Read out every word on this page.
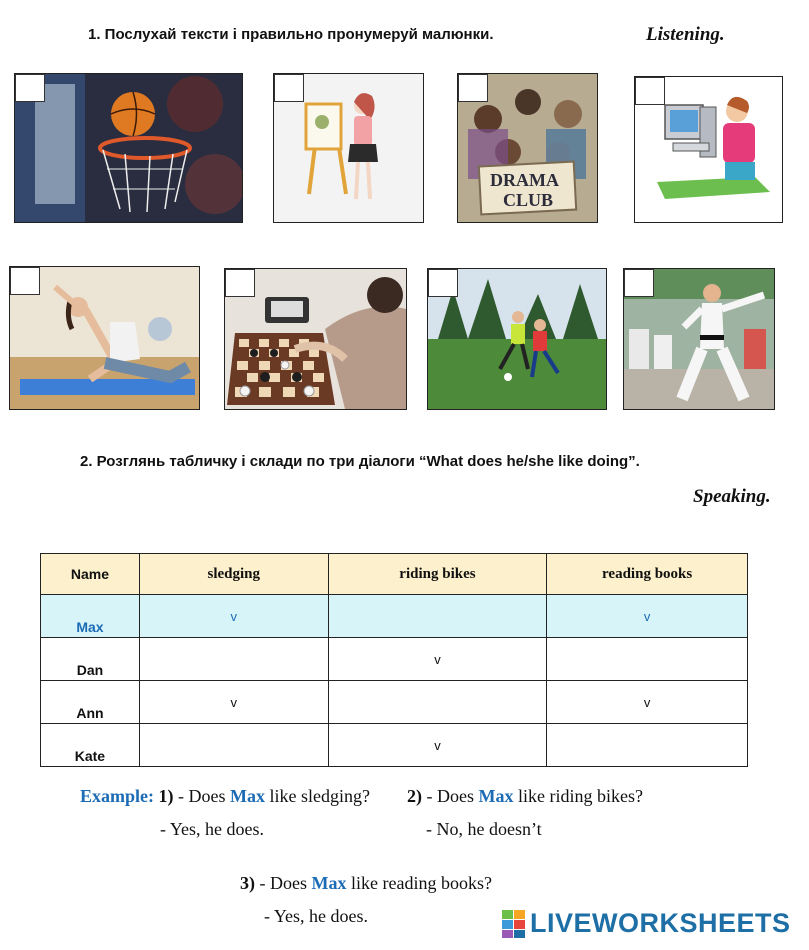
1. Послухай тексти і правильно пронумеруй малюнки.	Listening.
DRAMA
CLUB
2. Розглянь табличку і склади по три діалоги “What does he/she like doing”.
Speaking.
Name	sledging	riding bikes	reading books
Max	v		v
Dan		v	
Ann	v		v
Kate		v	
Example: 1) - Does Max like sledging? 2) - Does Max like riding bikes?
- Yes, he does.	- No, he doesn’t
3) - Does Max like reading books?
- Yes, he does.	LIVEWORKSHEETS
